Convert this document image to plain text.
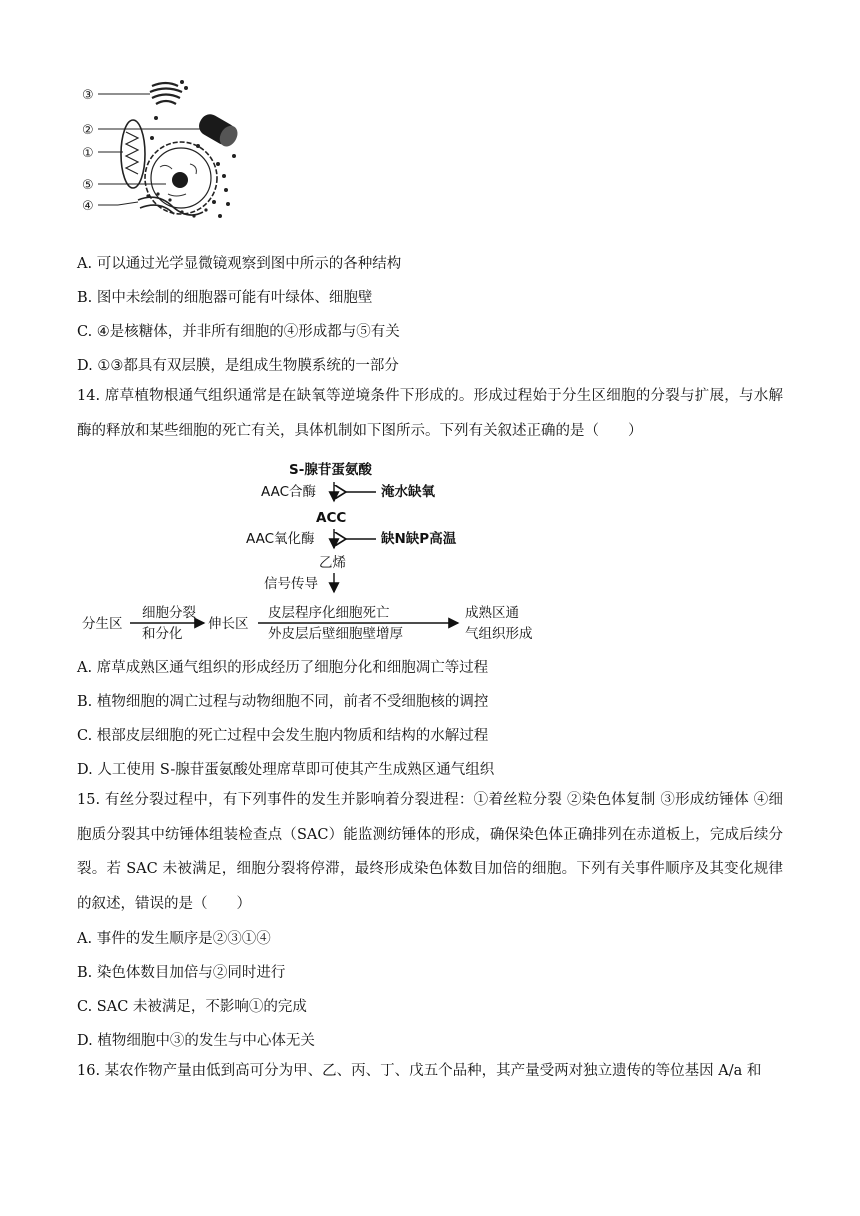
③
②
①
⑤
④
A. 可以通过光学显微镜观察到图中所示的各种结构
B. 图中未绘制的细胞器可能有叶绿体、细胞壁
C. ④是核糖体，并非所有细胞的④形成都与⑤有关
D. ①③都具有双层膜，是组成生物膜系统的一部分
14. 席草植物根通气组织通常是在缺氧等逆境条件下形成的。形成过程始于分生区细胞的分裂与扩展，与水解酶的释放和某些细胞的死亡有关，具体机制如下图所示。下列有关叙述正确的是（　　）
S-腺苷蛋氨酸
AAC合酶	淹水缺氧
ACC
AAC氧化酶	缺N缺P高温
乙烯
信号传导
分生区
细胞分裂
和分化
伸长区
皮层程序化细胞死亡
外皮层后壁细胞壁增厚
成熟区通
气组织形成
A. 席草成熟区通气组织的形成经历了细胞分化和细胞凋亡等过程
B. 植物细胞的凋亡过程与动物细胞不同，前者不受细胞核的调控
C. 根部皮层细胞的死亡过程中会发生胞内物质和结构的水解过程
D. 人工使用 S-腺苷蛋氨酸处理席草即可使其产生成熟区通气组织
15. 有丝分裂过程中，有下列事件的发生并影响着分裂进程：①着丝粒分裂 ②染色体复制 ③形成纺锤体 ④细胞质分裂其中纺锤体组装检查点（SAC）能监测纺锤体的形成，确保染色体正确排列在赤道板上，完成后续分裂。若 SAC 未被满足，细胞分裂将停滞，最终形成染色体数目加倍的细胞。下列有关事件顺序及其变化规律的叙述，错误的是（　　）
A. 事件的发生顺序是②③①④
B. 染色体数目加倍与②同时进行
C. SAC 未被满足，不影响①的完成
D. 植物细胞中③的发生与中心体无关
16. 某农作物产量由低到高可分为甲、乙、丙、丁、戊五个品种，其产量受两对独立遗传的等位基因 A/a 和
